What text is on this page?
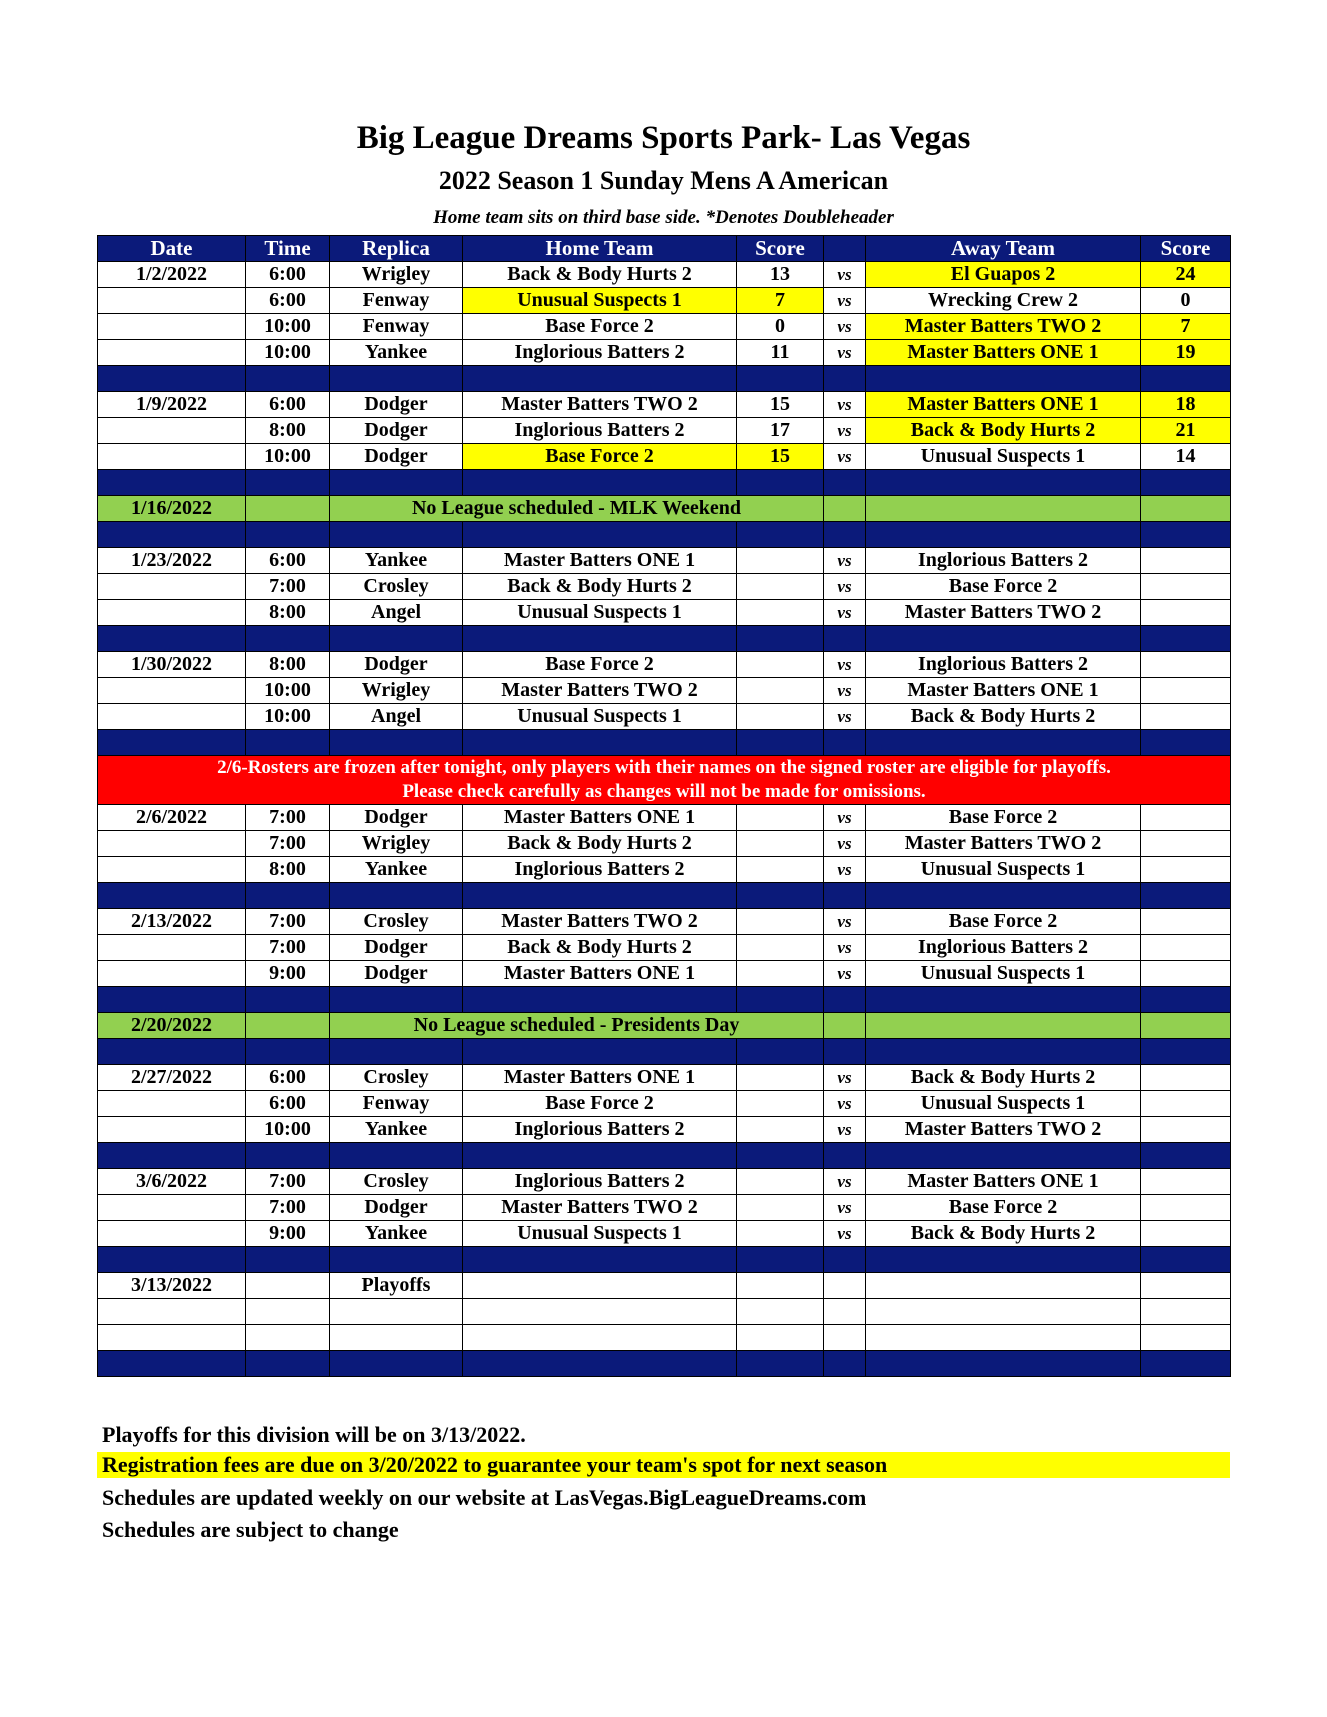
Big League Dreams Sports Park- Las Vegas
2022 Season 1 Sunday Mens A American
Home team sits on third base side. *Denotes Doubleheader
Date	Time	Replica	Home Team	Score		Away Team	Score
1/2/2022	6:00	Wrigley	Back & Body Hurts 2	13	vs	El Guapos 2	24
	6:00	Fenway	Unusual Suspects 1	7	vs	Wrecking Crew 2	0
	10:00	Fenway	Base Force 2	0	vs	Master Batters TWO 2	7
	10:00	Yankee	Inglorious Batters 2	11	vs	Master Batters ONE 1	19

1/9/2022	6:00	Dodger	Master Batters TWO 2	15	vs	Master Batters ONE 1	18
	8:00	Dodger	Inglorious Batters 2	17	vs	Back & Body Hurts 2	21
	10:00	Dodger	Base Force 2	15	vs	Unusual Suspects 1	14

1/16/2022		No League scheduled - MLK Weekend					

1/23/2022	6:00	Yankee	Master Batters ONE 1		vs	Inglorious Batters 2	
	7:00	Crosley	Back & Body Hurts 2		vs	Base Force 2	
	8:00	Angel	Unusual Suspects 1		vs	Master Batters TWO 2	

1/30/2022	8:00	Dodger	Base Force 2		vs	Inglorious Batters 2	
	10:00	Wrigley	Master Batters TWO 2		vs	Master Batters ONE 1	
	10:00	Angel	Unusual Suspects 1		vs	Back & Body Hurts 2	

2/6-Rosters are frozen after tonight, only players with their names on the signed roster are eligible for playoffs.
Please check carefully as changes will not be made for omissions.							

2/6/2022	7:00	Dodger	Master Batters ONE 1		vs	Base Force 2	
	7:00	Wrigley	Back & Body Hurts 2		vs	Master Batters TWO 2	
	8:00	Yankee	Inglorious Batters 2		vs	Unusual Suspects 1	

2/13/2022	7:00	Crosley	Master Batters TWO 2		vs	Base Force 2	
	7:00	Dodger	Back & Body Hurts 2		vs	Inglorious Batters 2	
	9:00	Dodger	Master Batters ONE 1		vs	Unusual Suspects 1	

2/20/2022		No League scheduled - Presidents Day					

2/27/2022	6:00	Crosley	Master Batters ONE 1		vs	Back & Body Hurts 2	
	6:00	Fenway	Base Force 2		vs	Unusual Suspects 1	
	10:00	Yankee	Inglorious Batters 2		vs	Master Batters TWO 2	

3/6/2022	7:00	Crosley	Inglorious Batters 2		vs	Master Batters ONE 1	
	7:00	Dodger	Master Batters TWO 2		vs	Base Force 2	
	9:00	Yankee	Unusual Suspects 1		vs	Back & Body Hurts 2	

3/13/2022		Playoffs					

Playoffs for this division will be on 3/13/2022.
Registration fees are due on 3/20/2022 to guarantee your team's spot for next season
Schedules are updated weekly on our website at LasVegas.BigLeagueDreams.com
Schedules are subject to change
